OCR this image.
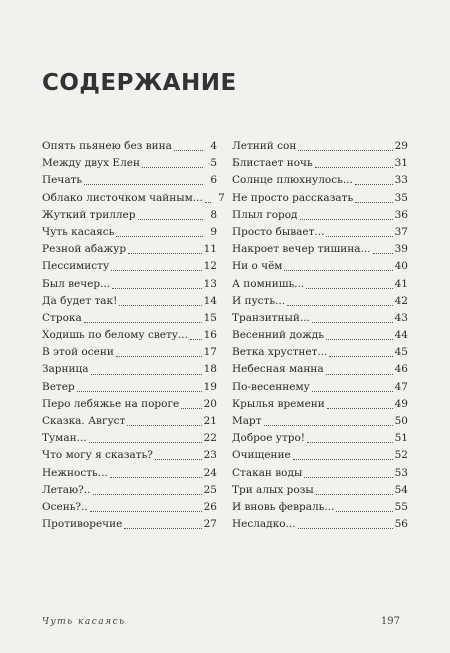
СОДЕРЖАНИЕ
Опять пьянею без вина	4
Между двух Елен	5
Печать	6
Облако листочком чайным...	7
Жуткий триллер	8
Чуть касаясь	9
Резной абажур	11
Пессимисту	12
Был вечер...	13
Да будет так!	14
Строка	15
Ходишь по белому свету... 16
В этой осени	17
Зарница	18
Ветер	19
Перо лебяжье на пороге 20
Сказка. Август	21
Туман...	22
Что могу я сказать?	23
Нежность...	24
Летаю?..	25
Осень?..	26
Противоречие	27
Летний сон	29
Блистает ночь	31
Солнце плюхнулось...	33
Не просто рассказать	35
Плыл город	36
Просто бывает...	37
Накроет вечер тишина... 39
Ни о чём	40
А помнишь...	41
И пусть...	42
Транзитный...	43
Весенний дождь	44
Ветка хрустнет...	45
Небесная манна	46
По-весеннему	47
Крылья времени	49
Март	50
Доброе утро!	51
Очищение	52
Стакан воды	53
Три алых розы	54
И вновь февраль...	55
Несладко...	56
Чуть касаясь	197
